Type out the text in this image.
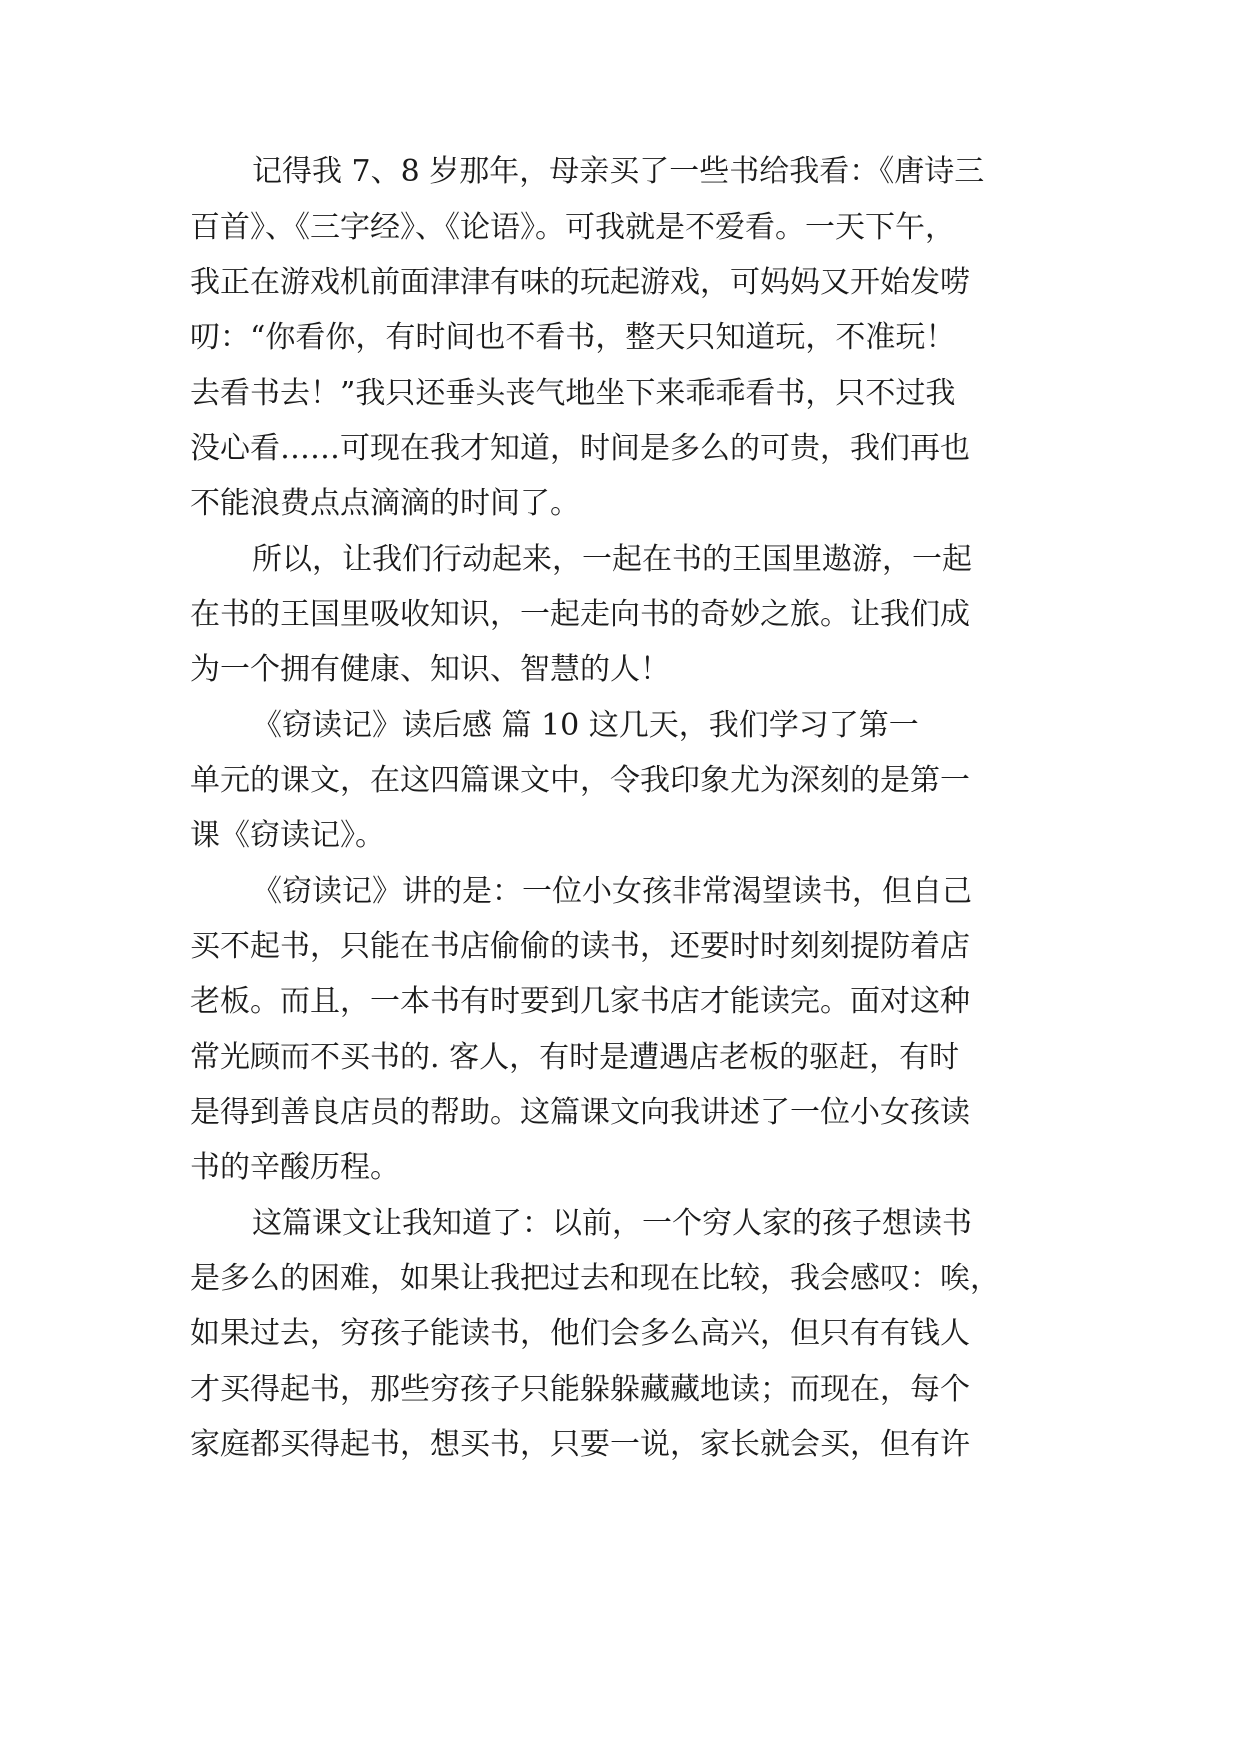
记得我 7、8 岁那年，母亲买了一些书给我看：《唐诗三
百首》、《三字经》、《论语》。可我就是不爱看。一天下午，
我正在游戏机前面津津有味的玩起游戏，可妈妈又开始发唠
叨：“你看你，有时间也不看书，整天只知道玩，不准玩！
去看书去！”我只还垂头丧气地坐下来乖乖看书，只不过我
没心看……可现在我才知道，时间是多么的可贵，我们再也
不能浪费点点滴滴的时间了。
所以，让我们行动起来，一起在书的王国里遨游，一起
在书的王国里吸收知识，一起走向书的奇妙之旅。让我们成
为一个拥有健康、知识、智慧的人！
《窃读记》读后感 篇 10 这几天，我们学习了第一
单元的课文，在这四篇课文中，令我印象尤为深刻的是第一
课《窃读记》。
《窃读记》讲的是：一位小女孩非常渴望读书，但自己
买不起书，只能在书店偷偷的读书，还要时时刻刻提防着店
老板。而且，一本书有时要到几家书店才能读完。面对这种
常光顾而不买书的. 客人，有时是遭遇店老板的驱赶，有时
是得到善良店员的帮助。这篇课文向我讲述了一位小女孩读
书的辛酸历程。
这篇课文让我知道了：以前，一个穷人家的孩子想读书
是多么的困难，如果让我把过去和现在比较，我会感叹：唉，
如果过去，穷孩子能读书，他们会多么高兴，但只有有钱人
才买得起书，那些穷孩子只能躲躲藏藏地读；而现在，每个
家庭都买得起书，想买书，只要一说，家长就会买，但有许
